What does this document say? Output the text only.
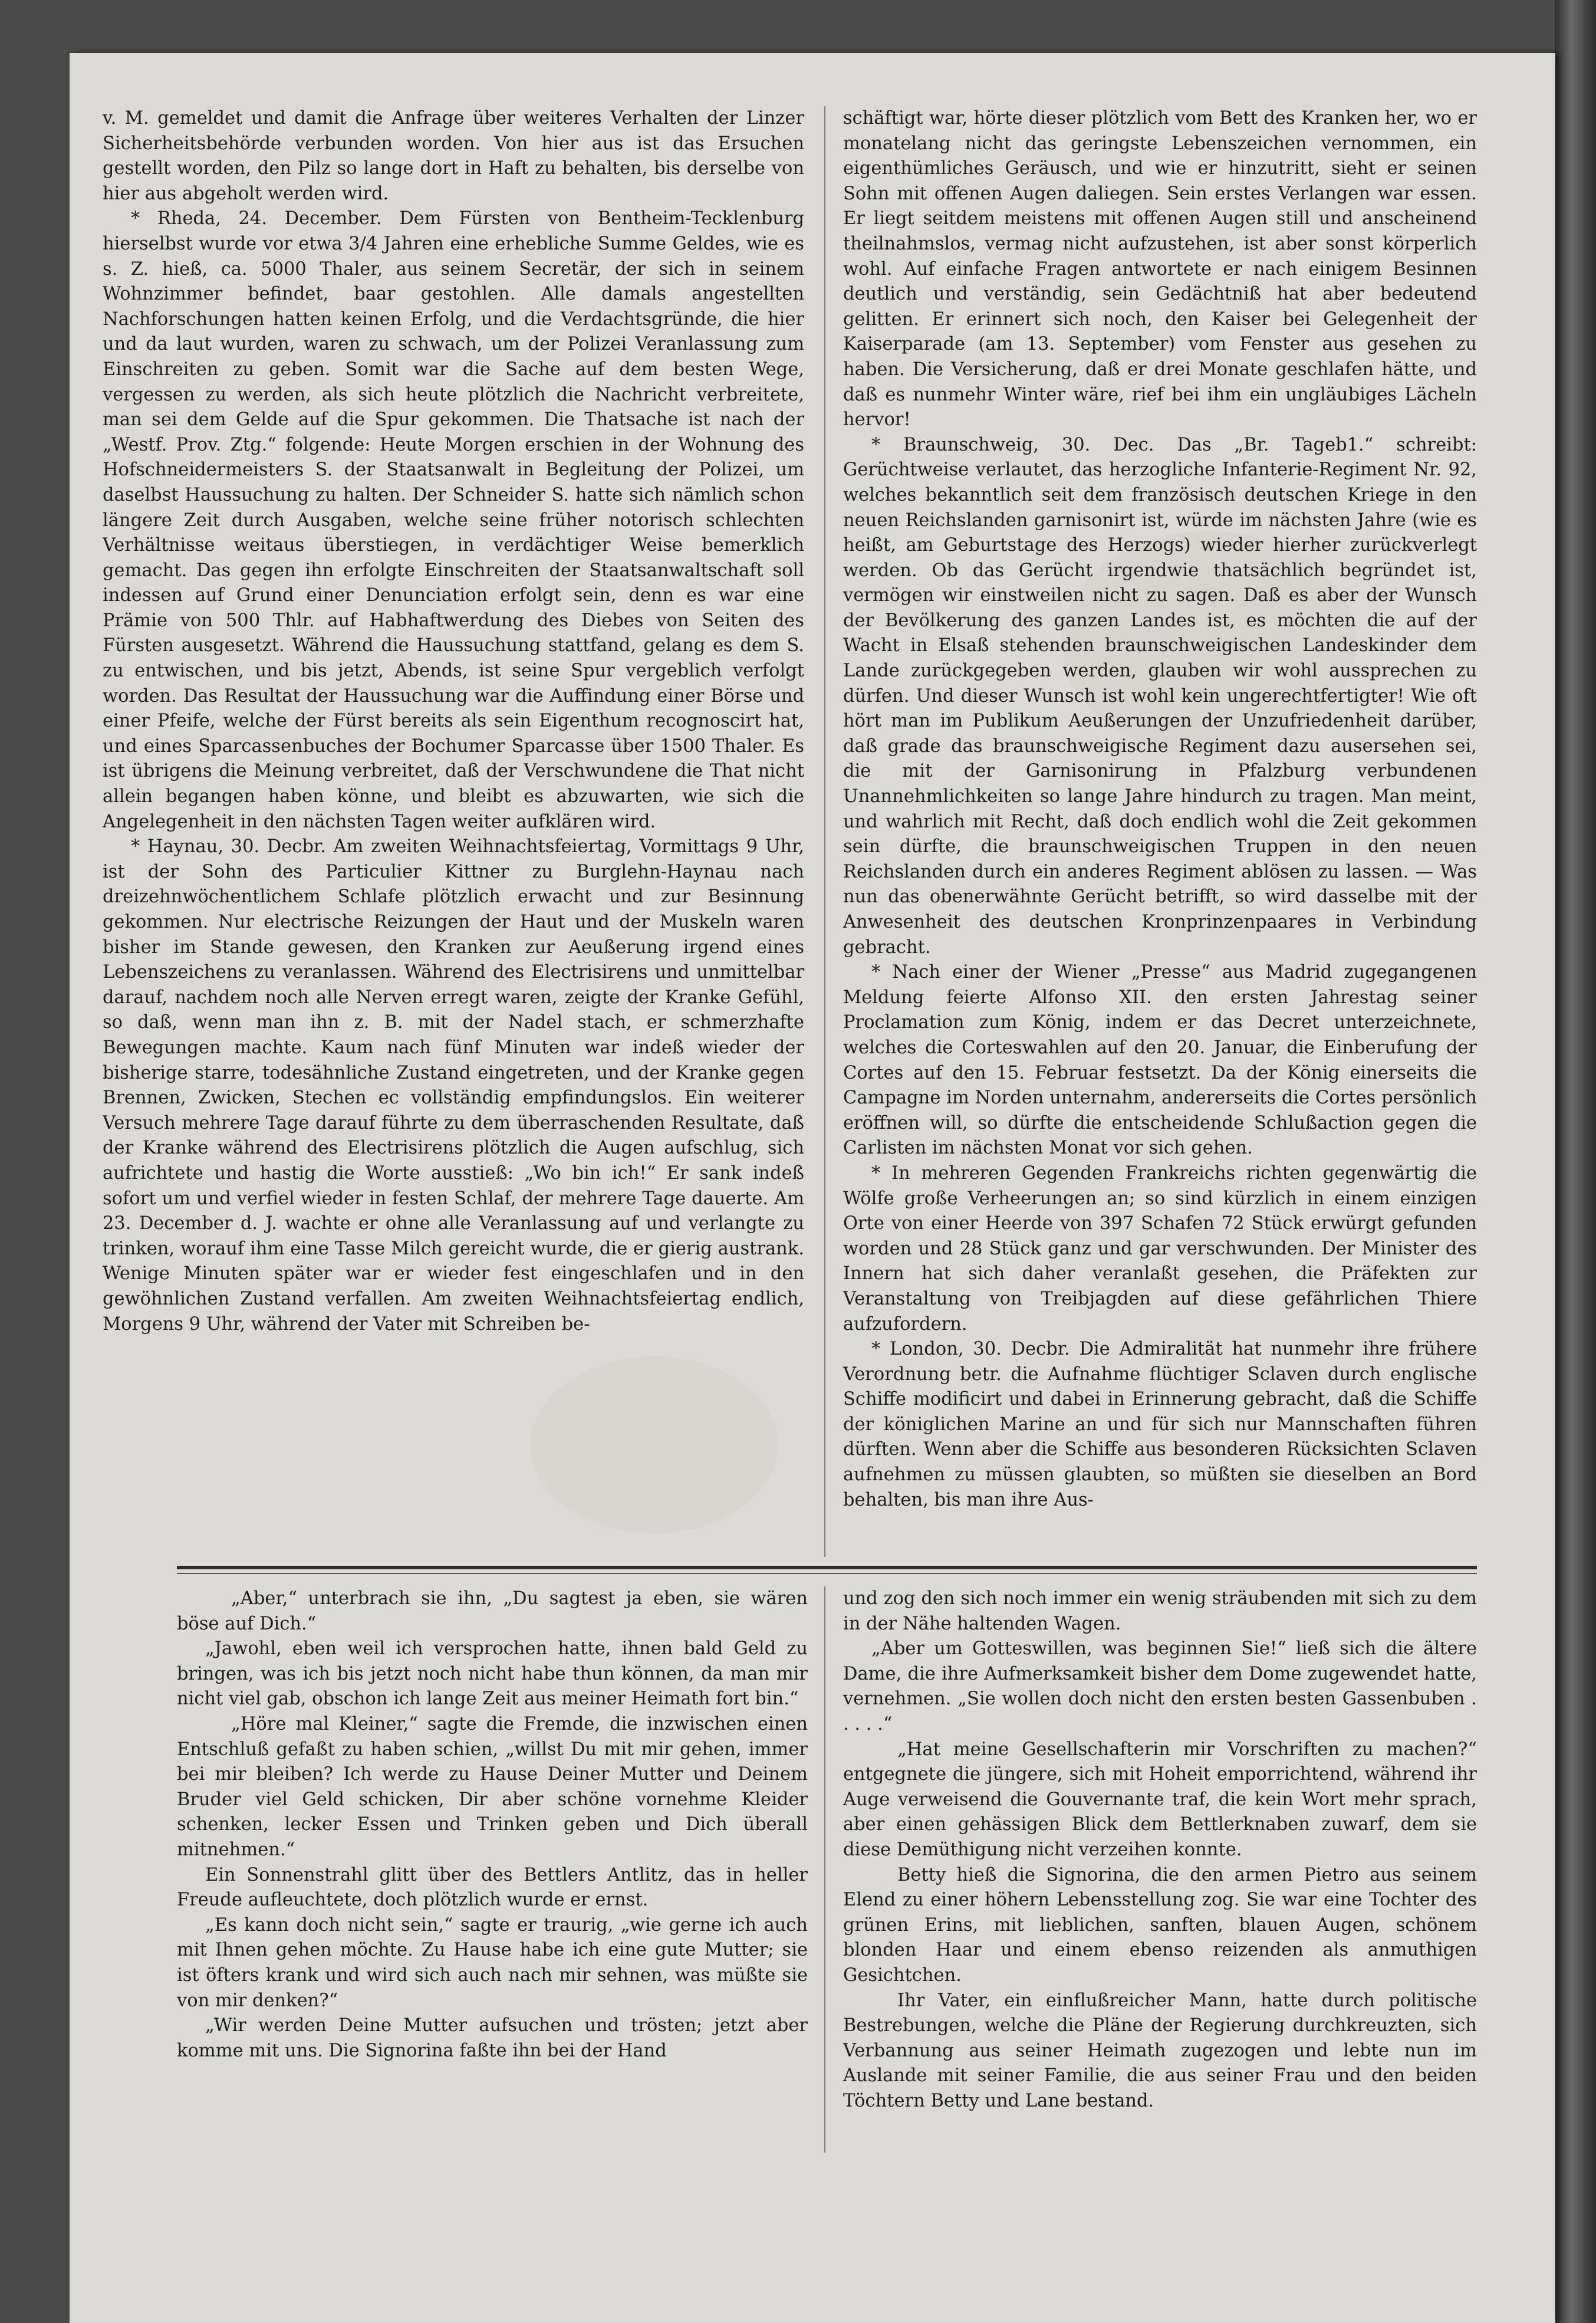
v. M. gemeldet und damit die Anfrage über weiteres Verhalten der Linzer Sicherheitsbehörde verbunden worden. Von hier aus ist das Ersuchen gestellt worden, den Pilz so lange dort in Haft zu behalten, bis derselbe von hier aus abgeholt werden wird.

* Rheda, 24. December. Dem Fürsten von Bentheim-Tecklenburg hierselbst wurde vor etwa 3/4 Jahren eine erhebliche Summe Geldes, wie es s. Z. hieß, ca. 5000 Thaler, aus seinem Secretär, der sich in seinem Wohnzimmer befindet, baar gestohlen. Alle damals angestellten Nachforschungen hatten keinen Erfolg, und die Verdachtsgründe, die hier und da laut wurden, waren zu schwach, um der Polizei Veranlassung zum Einschreiten zu geben. Somit war die Sache auf dem besten Wege, vergessen zu werden, als sich heute plötzlich die Nachricht verbreitete, man sei dem Gelde auf die Spur gekommen. Die Thatsache ist nach der „Westf. Prov. Ztg.“ folgende: Heute Morgen erschien in der Wohnung des Hofschneidermeisters S. der Staatsanwalt in Begleitung der Polizei, um daselbst Haussuchung zu halten. Der Schneider S. hatte sich nämlich schon längere Zeit durch Ausgaben, welche seine früher notorisch schlechten Verhältnisse weitaus überstiegen, in verdächtiger Weise bemerklich gemacht. Das gegen ihn erfolgte Einschreiten der Staatsanwaltschaft soll indessen auf Grund einer Denunciation erfolgt sein, denn es war eine Prämie von 500 Thlr. auf Habhaftwerdung des Diebes von Seiten des Fürsten ausgesetzt. Während die Haussuchung stattfand, gelang es dem S. zu entwischen, und bis jetzt, Abends, ist seine Spur vergeblich verfolgt worden. Das Resultat der Haussuchung war die Auffindung einer Börse und einer Pfeife, welche der Fürst bereits als sein Eigenthum recognoscirt hat, und eines Sparcassenbuches der Bochumer Sparcasse über 1500 Thaler. Es ist übrigens die Meinung verbreitet, daß der Verschwundene die That nicht allein begangen haben könne, und bleibt es abzuwarten, wie sich die Angelegenheit in den nächsten Tagen weiter aufklären wird.

* Haynau, 30. Decbr. Am zweiten Weihnachtsfeiertag, Vormittags 9 Uhr, ist der Sohn des Particulier Kittner zu Burglehn-Haynau nach dreizehnwöchentlichem Schlafe plötzlich erwacht und zur Besinnung gekommen. Nur electrische Reizungen der Haut und der Muskeln waren bisher im Stande gewesen, den Kranken zur Aeußerung irgend eines Lebenszeichens zu veranlassen. Während des Electrisirens und unmittelbar darauf, nachdem noch alle Nerven erregt waren, zeigte der Kranke Gefühl, so daß, wenn man ihn z. B. mit der Nadel stach, er schmerzhafte Bewegungen machte. Kaum nach fünf Minuten war indeß wieder der bisherige starre, todesähnliche Zustand eingetreten, und der Kranke gegen Brennen, Zwicken, Stechen ec vollständig empfindungslos. Ein weiterer Versuch mehrere Tage darauf führte zu dem überraschenden Resultate, daß der Kranke während des Electrisirens plötzlich die Augen aufschlug, sich aufrichtete und hastig die Worte ausstieß: „Wo bin ich!“ Er sank indeß sofort um und verfiel wieder in festen Schlaf, der mehrere Tage dauerte. Am 23. December d. J. wachte er ohne alle Veranlassung auf und verlangte zu trinken, worauf ihm eine Tasse Milch gereicht wurde, die er gierig austrank. Wenige Minuten später war er wieder fest eingeschlafen und in den gewöhnlichen Zustand verfallen. Am zweiten Weihnachtsfeiertag endlich, Morgens 9 Uhr, während der Vater mit Schreiben be-

schäftigt war, hörte dieser plötzlich vom Bett des Kranken her, wo er monatelang nicht das geringste Lebenszeichen vernommen, ein eigenthümliches Geräusch, und wie er hinzutritt, sieht er seinen Sohn mit offenen Augen daliegen. Sein erstes Verlangen war essen. Er liegt seitdem meistens mit offenen Augen still und anscheinend theilnahmslos, vermag nicht aufzustehen, ist aber sonst körperlich wohl. Auf einfache Fragen antwortete er nach einigem Besinnen deutlich und verständig, sein Gedächtniß hat aber bedeutend gelitten. Er erinnert sich noch, den Kaiser bei Gelegenheit der Kaiserparade (am 13. September) vom Fenster aus gesehen zu haben. Die Versicherung, daß er drei Monate geschlafen hätte, und daß es nunmehr Winter wäre, rief bei ihm ein ungläubiges Lächeln hervor!

* Braunschweig, 30. Dec. Das „Br. Tageb1.“ schreibt: Gerüchtweise verlautet, das herzogliche Infanterie-Regiment Nr. 92, welches bekanntlich seit dem französisch deutschen Kriege in den neuen Reichslanden garnisonirt ist, würde im nächsten Jahre (wie es heißt, am Geburtstage des Herzogs) wieder hierher zurückverlegt werden. Ob das Gerücht irgendwie thatsächlich begründet ist, vermögen wir einstweilen nicht zu sagen. Daß es aber der Wunsch der Bevölkerung des ganzen Landes ist, es möchten die auf der Wacht in Elsaß stehenden braunschweigischen Landeskinder dem Lande zurückgegeben werden, glauben wir wohl aussprechen zu dürfen. Und dieser Wunsch ist wohl kein ungerechtfertigter! Wie oft hört man im Publikum Aeußerungen der Unzufriedenheit darüber, daß grade das braunschweigische Regiment dazu ausersehen sei, die mit der Garnisonirung in Pfalzburg verbundenen Unannehmlichkeiten so lange Jahre hindurch zu tragen. Man meint, und wahrlich mit Recht, daß doch endlich wohl die Zeit gekommen sein dürfte, die braunschweigischen Truppen in den neuen Reichslanden durch ein anderes Regiment ablösen zu lassen. — Was nun das obenerwähnte Gerücht betrifft, so wird dasselbe mit der Anwesenheit des deutschen Kronprinzenpaares in Verbindung gebracht.

* Nach einer der Wiener „Presse“ aus Madrid zugegangenen Meldung feierte Alfonso XII. den ersten Jahrestag seiner Proclamation zum König, indem er das Decret unterzeichnete, welches die Corteswahlen auf den 20. Januar, die Einberufung der Cortes auf den 15. Februar festsetzt. Da der König einerseits die Campagne im Norden unternahm, andererseits die Cortes persönlich eröffnen will, so dürfte die entscheidende Schlußaction gegen die Carlisten im nächsten Monat vor sich gehen.

* In mehreren Gegenden Frankreichs richten gegenwärtig die Wölfe große Verheerungen an; so sind kürzlich in einem einzigen Orte von einer Heerde von 397 Schafen 72 Stück erwürgt gefunden worden und 28 Stück ganz und gar verschwunden. Der Minister des Innern hat sich daher veranlaßt gesehen, die Präfekten zur Veranstaltung von Treibjagden auf diese gefährlichen Thiere aufzufordern.

* London, 30. Decbr. Die Admiralität hat nunmehr ihre frühere Verordnung betr. die Aufnahme flüchtiger Sclaven durch englische Schiffe modificirt und dabei in Erinnerung gebracht, daß die Schiffe der königlichen Marine an und für sich nur Mannschaften führen dürften. Wenn aber die Schiffe aus besonderen Rücksichten Sclaven aufnehmen zu müssen glaubten, so müßten sie dieselben an Bord behalten, bis man ihre Aus-

„Aber,“ unterbrach sie ihn, „Du sagtest ja eben, sie wären böse auf Dich.“

„Jawohl, eben weil ich versprochen hatte, ihnen bald Geld zu bringen, was ich bis jetzt noch nicht habe thun können, da man mir nicht viel gab, obschon ich lange Zeit aus meiner Heimath fort bin.“

„Höre mal Kleiner,“ sagte die Fremde, die inzwischen einen Entschluß gefaßt zu haben schien, „willst Du mit mir gehen, immer bei mir bleiben? Ich werde zu Hause Deiner Mutter und Deinem Bruder viel Geld schicken, Dir aber schöne vornehme Kleider schenken, lecker Essen und Trinken geben und Dich überall mitnehmen.“

Ein Sonnenstrahl glitt über des Bettlers Antlitz, das in heller Freude aufleuchtete, doch plötzlich wurde er ernst.

„Es kann doch nicht sein,“ sagte er traurig, „wie gerne ich auch mit Ihnen gehen möchte. Zu Hause habe ich eine gute Mutter; sie ist öfters krank und wird sich auch nach mir sehnen, was müßte sie von mir denken?“

„Wir werden Deine Mutter aufsuchen und trösten; jetzt aber komme mit uns. Die Signorina faßte ihn bei der Hand

und zog den sich noch immer ein wenig sträubenden mit sich zu dem in der Nähe haltenden Wagen.

„Aber um Gotteswillen, was beginnen Sie!“ ließ sich die ältere Dame, die ihre Aufmerksamkeit bisher dem Dome zugewendet hatte, vernehmen. „Sie wollen doch nicht den ersten besten Gassenbuben . . . . .“

„Hat meine Gesellschafterin mir Vorschriften zu machen?“ entgegnete die jüngere, sich mit Hoheit emporrichtend, während ihr Auge verweisend die Gouvernante traf, die kein Wort mehr sprach, aber einen gehässigen Blick dem Bettlerknaben zuwarf, dem sie diese Demüthigung nicht verzeihen konnte.

Betty hieß die Signorina, die den armen Pietro aus seinem Elend zu einer höhern Lebensstellung zog. Sie war eine Tochter des grünen Erins, mit lieblichen, sanften, blauen Augen, schönem blonden Haar und einem ebenso reizenden als anmuthigen Gesichtchen.

Ihr Vater, ein einflußreicher Mann, hatte durch politische Bestrebungen, welche die Pläne der Regierung durchkreuzten, sich Verbannung aus seiner Heimath zugezogen und lebte nun im Auslande mit seiner Familie, die aus seiner Frau und den beiden Töchtern Betty und Lane bestand.
